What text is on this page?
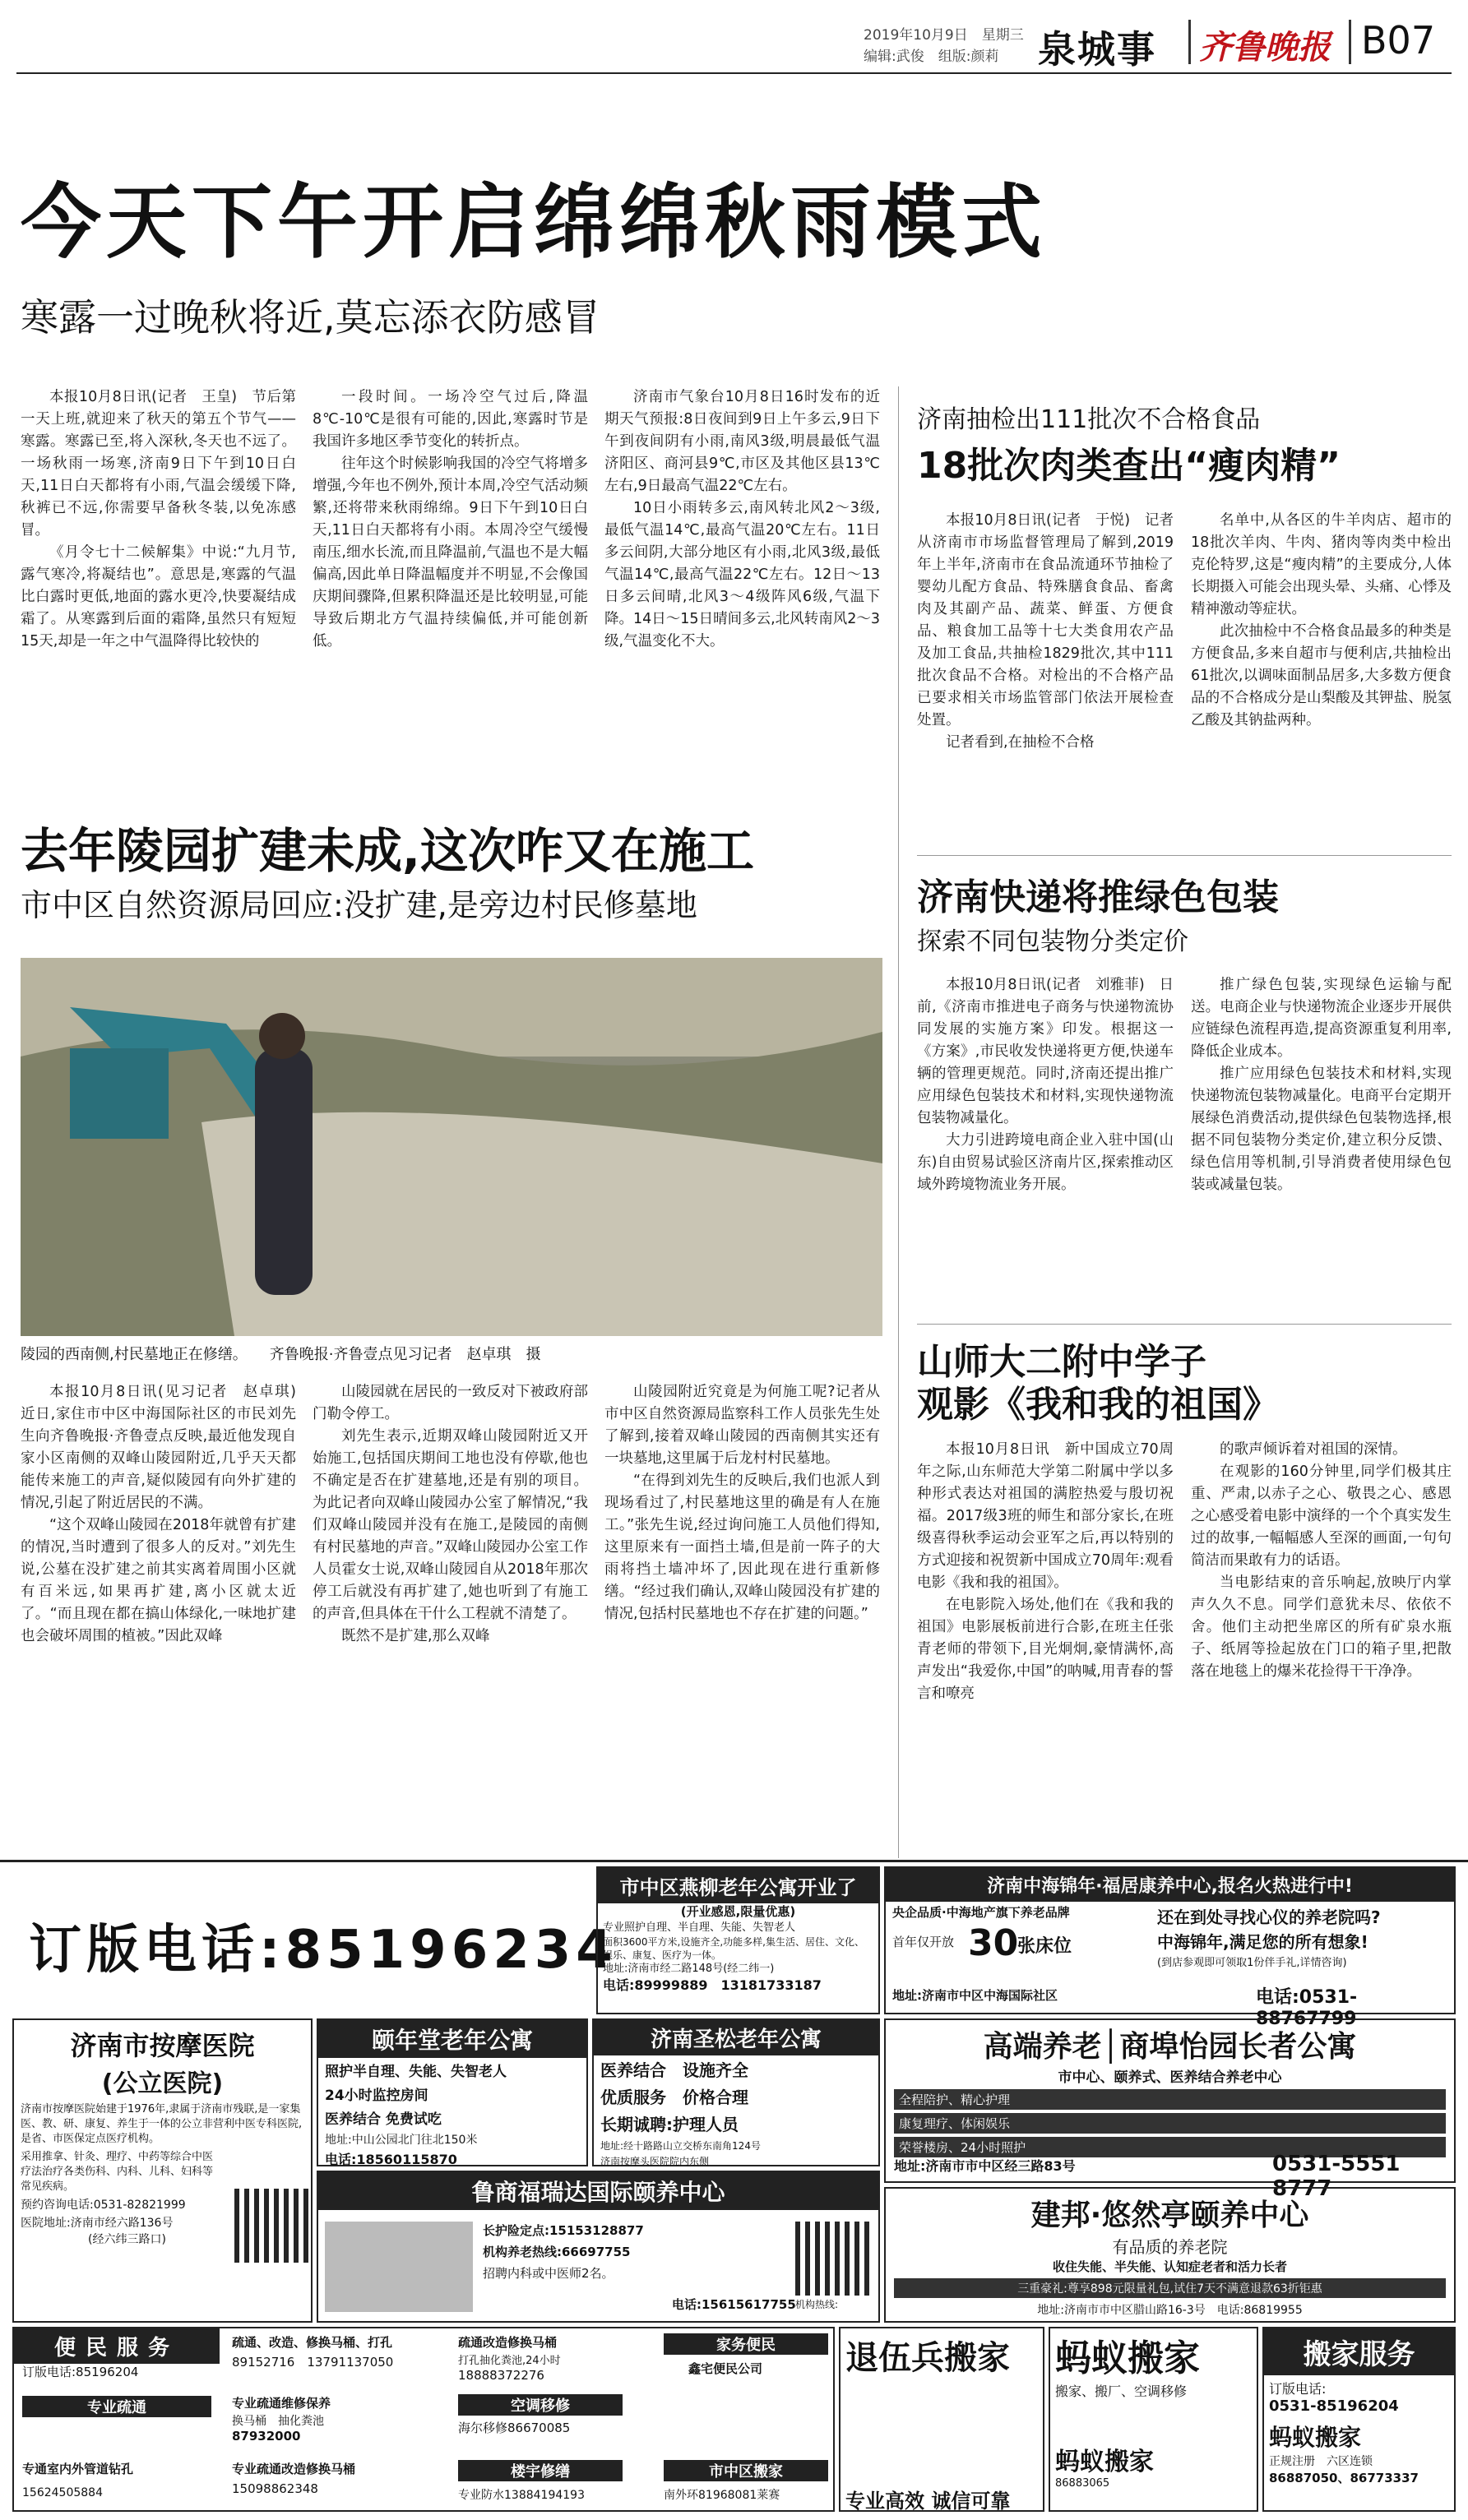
2019年10月9日　星期三
编辑:武俊　组版:颜莉 泉城事 齐鲁晚报 B07
今天下午开启绵绵秋雨模式
寒露一过晚秋将近,莫忘添衣防感冒

本报10月8日讯(记者　王皇)　节后第一天上班,就迎来了秋天的第五个节气——寒露。寒露已至,将入深秋,冬天也不远了。一场秋雨一场寒,济南9日下午到10日白天,11日白天都将有小雨,气温会缓缓下降,秋裤已不远,你需要早备秋冬装,以免冻感冒。

《月令七十二候解集》中说:“九月节,露气寒冷,将凝结也”。意思是,寒露的气温比白露时更低,地面的露水更冷,快要凝结成霜了。从寒露到后面的霜降,虽然只有短短15天,却是一年之中气温降得比较快的

一段时间。一场冷空气过后,降温8℃-10℃是很有可能的,因此,寒露时节是我国许多地区季节变化的转折点。

往年这个时候影响我国的冷空气将增多增强,今年也不例外,预计本周,冷空气活动频繁,还将带来秋雨绵绵。9日下午到10日白天,11日白天都将有小雨。本周冷空气缓慢南压,细水长流,而且降温前,气温也不是大幅偏高,因此单日降温幅度并不明显,不会像国庆期间骤降,但累积降温还是比较明显,可能导致后期北方气温持续偏低,并可能创新低。

济南市气象台10月8日16时发布的近期天气预报:8日夜间到9日上午多云,9日下午到夜间阴有小雨,南风3级,明晨最低气温济阳区、商河县9℃,市区及其他区县13℃左右,9日最高气温22℃左右。

10日小雨转多云,南风转北风2～3级,最低气温14℃,最高气温20℃左右。11日多云间阴,大部分地区有小雨,北风3级,最低气温14℃,最高气温22℃左右。12日～13日多云间晴,北风3～4级阵风6级,气温下降。14日～15日晴间多云,北风转南风2～3级,气温变化不大。

济南抽检出111批次不合格食品
18批次肉类查出“瘦肉精”

本报10月8日讯(记者　于悦)　记者从济南市市场监督管理局了解到,2019年上半年,济南市在食品流通环节抽检了婴幼儿配方食品、特殊膳食食品、畜禽肉及其副产品、蔬菜、鲜蛋、方便食品、粮食加工品等十七大类食用农产品及加工食品,共抽检1829批次,其中111批次食品不合格。对检出的不合格产品已要求相关市场监管部门依法开展检查处置。

记者看到,在抽检不合格

名单中,从各区的牛羊肉店、超市的18批次羊肉、牛肉、猪肉等肉类中检出克伦特罗,这是“瘦肉精”的主要成分,人体长期摄入可能会出现头晕、头痛、心悸及精神激动等症状。

此次抽检中不合格食品最多的种类是方便食品,多来自超市与便利店,共抽检出61批次,以调味面制品居多,大多数方便食品的不合格成分是山梨酸及其钾盐、脱氢乙酸及其钠盐两种。

去年陵园扩建未成,这次咋又在施工
市中区自然资源局回应:没扩建,是旁边村民修墓地
陵园的西南侧,村民墓地正在修缮。　　齐鲁晚报·齐鲁壹点见习记者　赵卓琪　摄

本报10月8日讯(见习记者　赵卓琪)　近日,家住市中区中海国际社区的市民刘先生向齐鲁晚报·齐鲁壹点反映,最近他发现自家小区南侧的双峰山陵园附近,几乎天天都能传来施工的声音,疑似陵园有向外扩建的情况,引起了附近居民的不满。

“这个双峰山陵园在2018年就曾有扩建的情况,当时遭到了很多人的反对。”刘先生说,公墓在没扩建之前其实离着周围小区就有百米远,如果再扩建,离小区就太近了。“而且现在都在搞山体绿化,一味地扩建也会破坏周围的植被。”因此双峰

山陵园就在居民的一致反对下被政府部门勒令停工。

刘先生表示,近期双峰山陵园附近又开始施工,包括国庆期间工地也没有停歇,他也不确定是否在扩建墓地,还是有别的项目。为此记者向双峰山陵园办公室了解情况,“我们双峰山陵园并没有在施工,是陵园的南侧有村民墓地的声音。”双峰山陵园办公室工作人员霍女士说,双峰山陵园自从2018年那次停工后就没有再扩建了,她也听到了有施工的声音,但具体在干什么工程就不清楚了。

既然不是扩建,那么双峰

山陵园附近究竟是为何施工呢?记者从市中区自然资源局监察科工作人员张先生处了解到,接着双峰山陵园的西南侧其实还有一块墓地,这里属于后龙村村民墓地。

“在得到刘先生的反映后,我们也派人到现场看过了,村民墓地这里的确是有人在施工。”张先生说,经过询问施工人员他们得知,这里原来有一面挡土墙,但是前一阵子的大雨将挡土墙冲坏了,因此现在进行重新修缮。“经过我们确认,双峰山陵园没有扩建的情况,包括村民墓地也不存在扩建的问题。”

济南快递将推绿色包装
探索不同包装物分类定价

本报10月8日讯(记者　刘雅菲)　日前,《济南市推进电子商务与快递物流协同发展的实施方案》印发。根据这一《方案》,市民收发快递将更方便,快递车辆的管理更规范。同时,济南还提出推广应用绿色包装技术和材料,实现快递物流包装物减量化。

大力引进跨境电商企业入驻中国(山东)自由贸易试验区济南片区,探索推动区域外跨境物流业务开展。

推广绿色包装,实现绿色运输与配送。电商企业与快递物流企业逐步开展供应链绿色流程再造,提高资源重复利用率,降低企业成本。

推广应用绿色包装技术和材料,实现快递物流包装物减量化。电商平台定期开展绿色消费活动,提供绿色包装物选择,根据不同包装物分类定价,建立积分反馈、绿色信用等机制,引导消费者使用绿色包装或减量包装。

山师大二附中学子
观影《我和我的祖国》

本报10月8日讯　新中国成立70周年之际,山东师范大学第二附属中学以多种形式表达对祖国的满腔热爱与殷切祝福。2017级3班的师生和部分家长,在班级喜得秋季运动会亚军之后,再以特别的方式迎接和祝贺新中国成立70周年:观看电影《我和我的祖国》。

在电影院入场处,他们在《我和我的祖国》电影展板前进行合影,在班主任张青老师的带领下,目光炯炯,豪情满怀,高声发出“我爱你,中国”的呐喊,用青春的誓言和嘹亮

的歌声倾诉着对祖国的深情。

在观影的160分钟里,同学们极其庄重、严肃,以赤子之心、敬畏之心、感恩之心感受着电影中演绎的一个个真实发生过的故事,一幅幅感人至深的画面,一句句简洁而果敢有力的话语。

当电影结束的音乐响起,放映厅内掌声久久不息。同学们意犹未尽、依依不舍。他们主动把坐席区的所有矿泉水瓶子、纸屑等捡起放在门口的箱子里,把散落在地毯上的爆米花捡得干干净净。

订版电话:85196234
市中区燕柳老年公寓开业了
(开业感恩,限量优惠)
专业照护自理、半自理、失能、失智老人
面积3600平方米,设施齐全,功能多样,集生活、居住、文化、娱乐、康复、医疗为一体。
地址:济南市经二路148号(经二纬一)
电话:89999889　13181733187
济南中海锦年·福居康养中心,报名火热进行中!
央企品质·中海地产旗下养老品牌
首年仅开放 30
张床位
还在到处寻找心仪的养老院吗?
中海锦年,满足您的所有想象!
(到店参观即可领取1份伴手礼,详情咨询)
地址:济南市中区中海国际社区	电话:0531-88767799
济南市按摩医院
(公立医院)
济南市按摩医院始建于1976年,隶属于济南市残联,是一家集医、教、研、康复、养生于一体的公立非营利中医专科医院,是省、市医保定点医疗机构。
采用推拿、针灸、理疗、中药等综合中医疗法治疗各类伤科、内科、儿科、妇科等常见疾病。
预约咨询电话:0531-82821999
医院地址:济南市经六路136号
(经六纬三路口)
颐年堂老年公寓
照护半自理、失能、失智老人
24小时监控房间
医养结合 免费试吃
地址:中山公园北门往北150米
电话:18560115870
济南圣松老年公寓
医养结合　设施齐全
优质服务　价格合理
长期诚聘:护理人员
地址:经十路路山立交桥东南角124号
济南按摩头医院院内东侧
高端养老│商埠怡园长者公寓
市中心、颐养式、医养结合养老中心
全程陪护、精心护理
康复理疗、体闲娱乐
荣誉楼房、24小时照护
地址:济南市市中区经三路83号	0531-5551 8777
鲁商福瑞达国际颐养中心
长护险定点:15153128877
机构养老热线:66697755
招聘内科或中医师2名。
电话:15615617755 机构热线:
建邦·悠然亭颐养中心
有品质的养老院
收住失能、半失能、认知症老者和活力长者
三重豪礼:尊享898元限量礼包,试住7天不满意退款63折钜惠
地址:济南市市中区腊山路16-3号　电话:86819955
便民服务
订版电话:85196204
疏通、改造、修换马桶、打孔
89152716　13791137050
疏通改造修换马桶
打孔抽化粪池,24小时
18888372276
家务便民
鑫宅便民公司
专业疏通	专业疏通维修保养
换马桶　抽化粪池
87932000
空调移修
海尔移修86670085
市中区搬家
南外环81968081莱赛
专通室内外管道钻孔
15624505884
专业疏通改造修换马桶
15098862348
楼宇修缮
专业防水13884194193
退伍兵搬家
专业高效 诚信可靠
蚂蚁搬家
搬家、搬厂、空调移修
蚂蚁搬家
86883065
搬家服务
订版电话:
0531-85196204
蚂蚁搬家
正规注册　六区连锁
86887050、86773337
